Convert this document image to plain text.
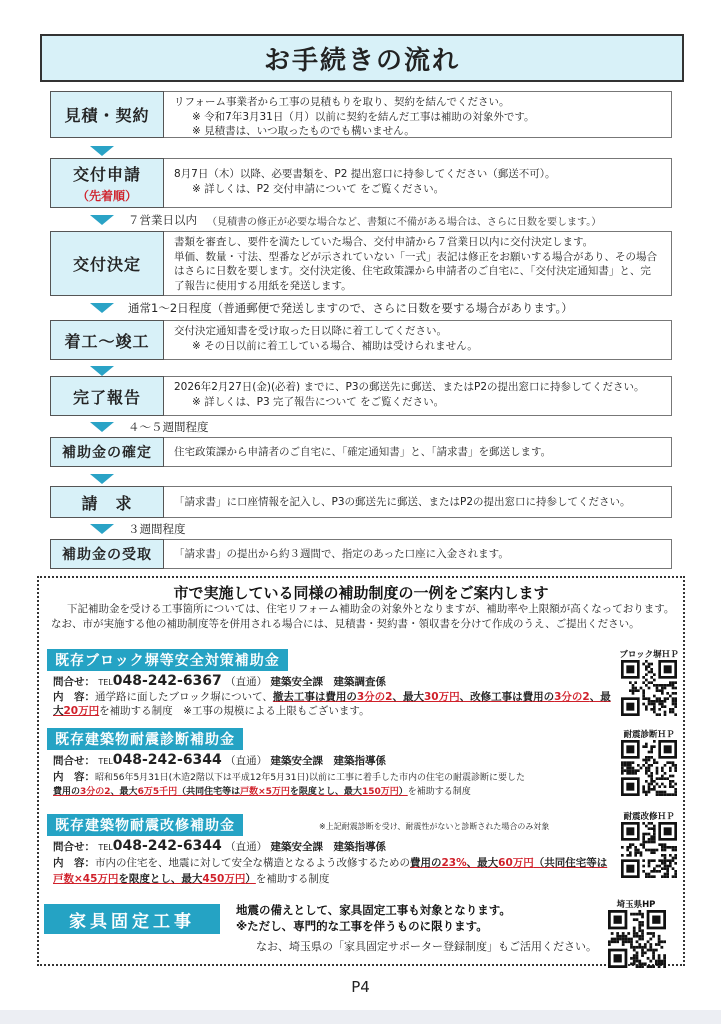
お手続きの流れ
見積・契約
リフォーム事業者から工事の見積もりを取り、契約を結んでください。
※ 令和7年3月31日（月）以前に契約を結んだ工事は補助の対象外です。
※ 見積書は、いつ取ったものでも構いません。
交付申請
（先着順）
8月7日（木）以降、必要書類を、P2 提出窓口に持参してください（郵送不可）。
※ 詳しくは、P2 交付申請について をご覧ください。
７営業日以内 （見積書の修正が必要な場合など、書類に不備がある場合は、さらに日数を要します。）
交付決定
書類を審査し、要件を満たしていた場合、交付申請から７営業日以内に交付決定します。
単価、数量・寸法、型番などが示されていない「一式」表記は修正をお願いする場合があり、その場合はさらに日数を要します。交付決定後、住宅政策課から申請者のご自宅に、「交付決定通知書」と、完了報告に使用する用紙を発送します。
通常1～2日程度（普通郵便で発送しますので、さらに日数を要する場合があります。）
着工～竣工
交付決定通知書を受け取った日以降に着工してください。
※ その日以前に着工している場合、補助は受けられません。
完了報告
2026年2月27日(金)(必着) までに、P3の郵送先に郵送、またはP2の提出窓口に持参してください。
※ 詳しくは、P3 完了報告について をご覧ください。
４～５週間程度
補助金の確定 住宅政策課から申請者のご自宅に、「確定通知書」と、「請求書」を郵送します。
請　求	「請求書」に口座情報を記入し、P3の郵送先に郵送、またはP2の提出窓口に持参してください。
３週間程度
補助金の受取 「請求書」の提出から約３週間で、指定のあった口座に入金されます。
市で実施している同様の補助制度の一例をご案内します
下記補助金を受ける工事箇所については、住宅リフォーム補助金の対象外となりますが、補助率や上限額が高くなっております。なお、市が実施する他の補助制度等を併用される場合には、見積書・契約書・領収書を分けて作成のうえ、ご提出ください。
既存ブロック塀等安全対策補助金
問合せ： TEL048-242-6367 （直通） 建築安全課　建築調査係
内　容：通学路に面したブロック塀について、撤去工事は費用の3分の2、最大30万円、改修工事は費用の3分の2、最大20万円を補助する制度　 ※工事の規模による上限もございます。
既存建築物耐震診断補助金
問合せ： TEL048-242-6344 （直通） 建築安全課　建築指導係
内　容：昭和56年5月31日(木造2階以下は平成12年5月31日)以前に工事に着手した市内の住宅の耐震診断に要した
費用の3分の2、最大6万5千円（共同住宅等は戸数×5万円を限度とし、最大150万円）を補助する制度
既存建築物耐震改修補助金	※上記耐震診断を受け、耐震性がないと診断された場合のみ対象
問合せ： TEL048-242-6344 （直通） 建築安全課　建築指導係
内　容：市内の住宅を、地震に対して安全な構造となるよう改修するための費用の23%、最大60万円（共同住宅等は戸数×45万円を限度とし、最大450万円）を補助する制度
ブロック塀ＨＰ
耐震診断ＨＰ
耐震改修ＨＰ
家具固定工事
地震の備えとして、家具固定工事も対象となります。
※ただし、専門的な工事を伴うものに限ります。
なお、埼玉県の「家具固定サポーター登録制度」もご活用ください。
埼玉県HP
P4
